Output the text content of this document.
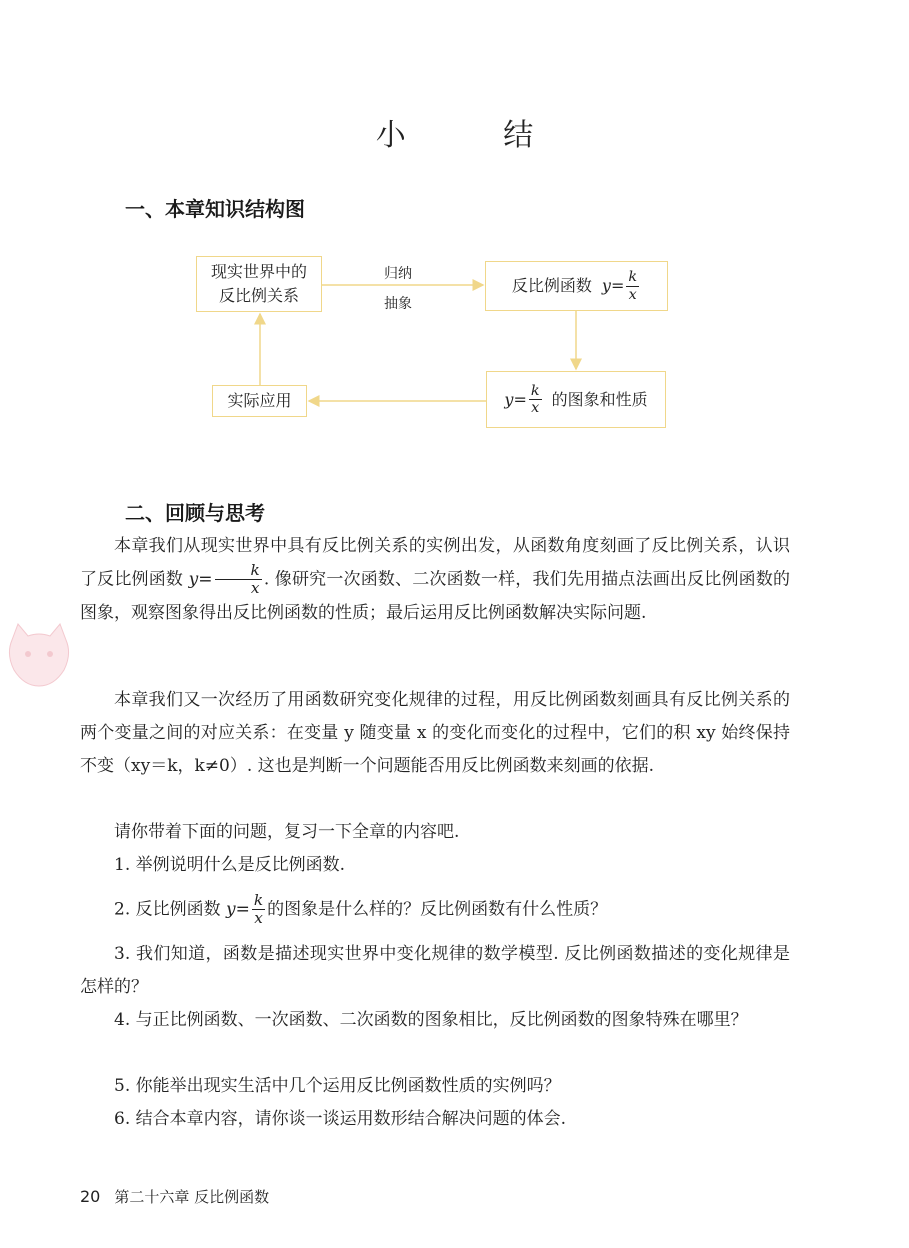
小 结
一、本章知识结构图
现实世界中的
反比例关系
归纳
抽象
反比例函数 $y = \frac{k}{x}$
$y = \frac{k}{x}$ 的图象和性质
实际应用
二、回顾与思考
本章我们从现实世界中具有反比例关系的实例出发，从函数角度刻画了反比例关系，认识了反比例函数 $y= \frac{k}{x}$ . 像研究一次函数、二次函数一样，我们先用描点法画出反比例函数的图象，观察图象得出反比例函数的性质；最后运用反比例函数解决实际问题.
本章我们又一次经历了用函数研究变化规律的过程，用反比例函数刻画具有反比例关系的两个变量之间的对应关系：在变量 y 随变量 x 的变化而变化的过程中，它们的积 xy 始终保持不变（xy＝k，k≠0）. 这也是判断一个问题能否用反比例函数来刻画的依据.
请你带着下面的问题，复习一下全章的内容吧.
1. 举例说明什么是反比例函数.
2. 反比例函数 $y= \frac{k}{x}$ 的图象是什么样的？反比例函数有什么性质？
3. 我们知道，函数是描述现实世界中变化规律的数学模型. 反比例函数描述的变化规律是怎样的？
4. 与正比例函数、一次函数、二次函数的图象相比，反比例函数的图象特殊在哪里？
5. 你能举出现实生活中几个运用反比例函数性质的实例吗？
6. 结合本章内容，请你谈一谈运用数形结合解决问题的体会.
20 第二十六章 反比例函数
